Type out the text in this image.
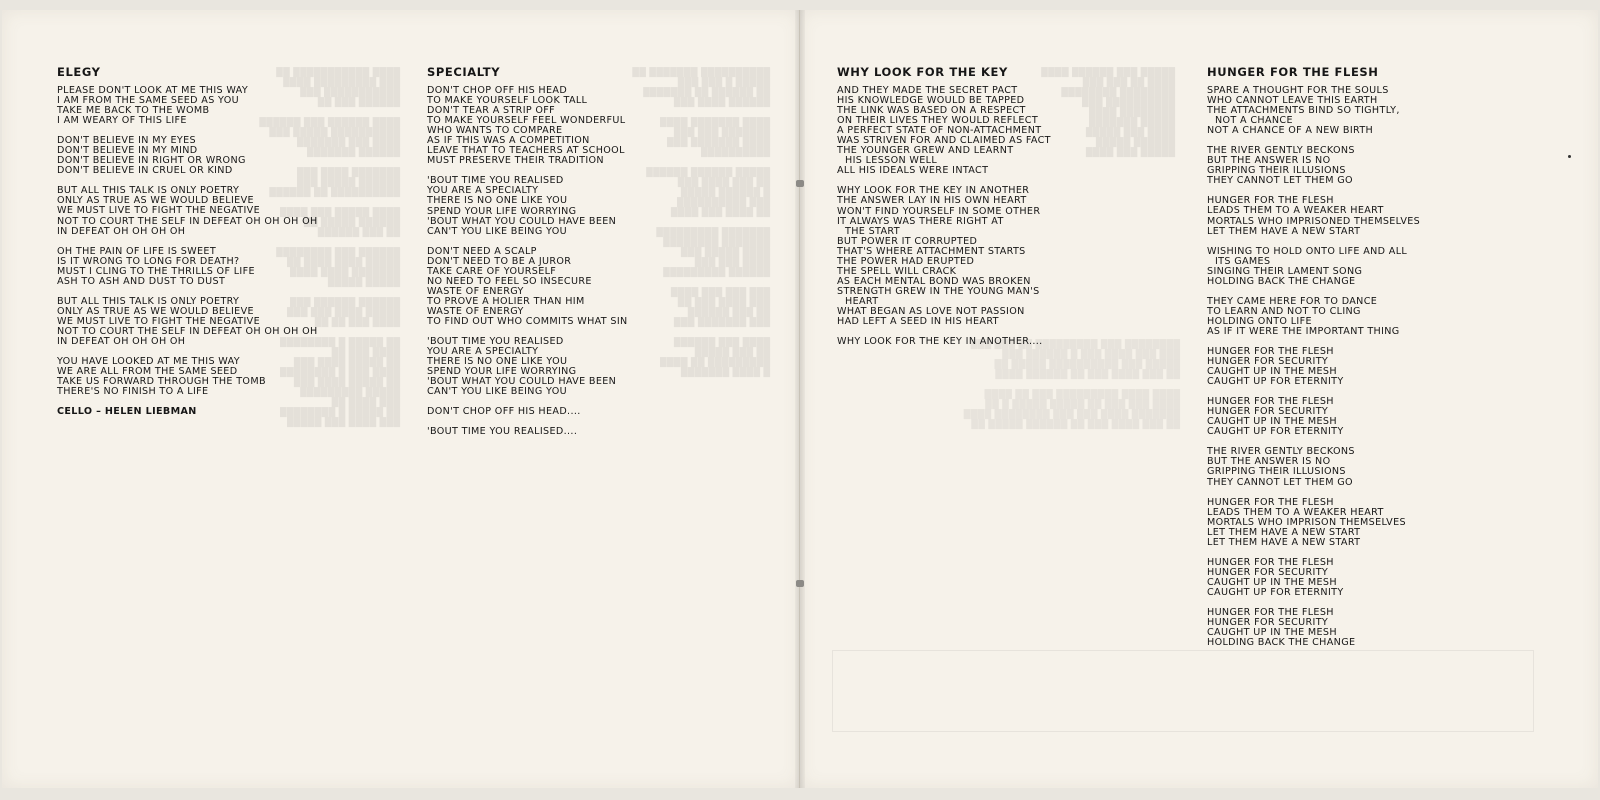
████ ███████████ ██
███ █████████ ████
███████████ ███
██████ ███ ██

████ ██████ ███ ██████
██████████ █████ ███
████ ███ ███████
██████ ███████

███████ ████ ███
██████ █████ ███
██████████ ██ ██████

████ █████ ███ ████
██████ █████ ██
██ ███ ██████

██████ ███ ████████
█████ ████ ████ ██
███████ ████ ████
█████ █████

██████ ██████ ███
█████ ████ ███ ███
████ ███ ██ ██

██ █████ █ ████████
████ ███ ██
██ █████ ████ ███
████ ███ █ ████████
██ █████ ████ ███
█████ █████████
███ ████ ██
██ █████ █ ████████
███ ████ ███ █████
██████████ ███████ ██
█████ █ ███ ███
██ ██████ ██ ███████
██████ ████ ███

████ ███████ ████
███████ ███ ███
████ ███████ ███
██████████

█████ ██████ ██████
██ ███ ████ ███
█ ██████ █████
███ ██████████
██ ████ ███ ████

███████ █████████
███████ ████████
████ █████ ███
████ ███ ███
██████ █████████

███ ███ ███ ████
███ ████ ███ ██
██ ███ ██████
███ ███████ ███

████ ███ ██████
██ ███ █████
█████████ ██ ████
█ ████ ███████
█████ ███ ██████ ████
████ ██ ███ ███
████████ ████████
██████████ ███
████████ ████
█████ ███████
████ ███ █████
██████ █████
█████ ███ ████
████████ ███ █████████ ██ ███ ███
███ ███ ████ ███ █ ██████ ███
█████ ███ ██████████ █████ ██
██ ███ ████ ███ ██ ██████ ████

████ ████ █████████ ███ ██ ████
████ ███ ███ ██ █████ █████ █ ██
███████ ████ ███ ███ ████████ ████
██ ███ ████ ███ ██ ██████ █████ ██
ELEGY
PLEASE DON'T LOOK AT ME THIS WAY
I AM FROM THE SAME SEED AS YOU
TAKE ME BACK TO THE WOMB
I AM WEARY OF THIS LIFE
DON'T BELIEVE IN MY EYES
DON'T BELIEVE IN MY MIND
DON'T BELIEVE IN RIGHT OR WRONG
DON'T BELIEVE IN CRUEL OR KIND
BUT ALL THIS TALK IS ONLY POETRY
ONLY AS TRUE AS WE WOULD BELIEVE
WE MUST LIVE TO FIGHT THE NEGATIVE
NOT TO COURT THE SELF IN DEFEAT OH OH OH OH
IN DEFEAT OH OH OH OH
OH THE PAIN OF LIFE IS SWEET
IS IT WRONG TO LONG FOR DEATH?
MUST I CLING TO THE THRILLS OF LIFE
ASH TO ASH AND DUST TO DUST
BUT ALL THIS TALK IS ONLY POETRY
ONLY AS TRUE AS WE WOULD BELIEVE
WE MUST LIVE TO FIGHT THE NEGATIVE
NOT TO COURT THE SELF IN DEFEAT OH OH OH OH
IN DEFEAT OH OH OH OH
YOU HAVE LOOKED AT ME THIS WAY
WE ARE ALL FROM THE SAME SEED
TAKE US FORWARD THROUGH THE TOMB
THERE'S NO FINISH TO A LIFE
CELLO – HELEN LIEBMAN
SPECIALTY
DON'T CHOP OFF HIS HEAD
TO MAKE YOURSELF LOOK TALL
DON'T TEAR A STRIP OFF
TO MAKE YOURSELF FEEL WONDERFUL
WHO WANTS TO COMPARE
AS IF THIS WAS A COMPETITION
LEAVE THAT TO TEACHERS AT SCHOOL
MUST PRESERVE THEIR TRADITION
'BOUT TIME YOU REALISED
YOU ARE A SPECIALTY
THERE IS NO ONE LIKE YOU
SPEND YOUR LIFE WORRYING
'BOUT WHAT YOU COULD HAVE BEEN
CAN'T YOU LIKE BEING YOU
DON'T NEED A SCALP
DON'T NEED TO BE A JUROR
TAKE CARE OF YOURSELF
NO NEED TO FEEL SO INSECURE
WASTE OF ENERGY
TO PROVE A HOLIER THAN HIM
WASTE OF ENERGY
TO FIND OUT WHO COMMITS WHAT SIN
'BOUT TIME YOU REALISED
YOU ARE A SPECIALTY
THERE IS NO ONE LIKE YOU
SPEND YOUR LIFE WORRYING
'BOUT WHAT YOU COULD HAVE BEEN
CAN'T YOU LIKE BEING YOU
DON'T CHOP OFF HIS HEAD....
'BOUT TIME YOU REALISED....
WHY LOOK FOR THE KEY
AND THEY MADE THE SECRET PACT
HIS KNOWLEDGE WOULD BE TAPPED
THE LINK WAS BASED ON A RESPECT
ON THEIR LIVES THEY WOULD REFLECT
A PERFECT STATE OF NON-ATTACHMENT
WAS STRIVEN FOR AND CLAIMED AS FACT
THE YOUNGER GREW AND LEARNT
HIS LESSON WELL
ALL HIS IDEALS WERE INTACT
WHY LOOK FOR THE KEY IN ANOTHER
THE ANSWER LAY IN HIS OWN HEART
WON'T FIND YOURSELF IN SOME OTHER
IT ALWAYS WAS THERE RIGHT AT
THE START
BUT POWER IT CORRUPTED
THAT'S WHERE ATTACHMENT STARTS
THE POWER HAD ERUPTED
THE SPELL WILL CRACK
AS EACH MENTAL BOND WAS BROKEN
STRENGTH GREW IN THE YOUNG MAN'S
HEART
WHAT BEGAN AS LOVE NOT PASSION
HAD LEFT A SEED IN HIS HEART
WHY LOOK FOR THE KEY IN ANOTHER....
HUNGER FOR THE FLESH
SPARE A THOUGHT FOR THE SOULS
WHO CANNOT LEAVE THIS EARTH
THE ATTACHMENTS BIND SO TIGHTLY,
NOT A CHANCE
NOT A CHANCE OF A NEW BIRTH
THE RIVER GENTLY BECKONS
BUT THE ANSWER IS NO
GRIPPING THEIR ILLUSIONS
THEY CANNOT LET THEM GO
HUNGER FOR THE FLESH
LEADS THEM TO A WEAKER HEART
MORTALS WHO IMPRISONED THEMSELVES
LET THEM HAVE A NEW START
WISHING TO HOLD ONTO LIFE AND ALL
ITS GAMES
SINGING THEIR LAMENT SONG
HOLDING BACK THE CHANGE
THEY CAME HERE FOR TO DANCE
TO LEARN AND NOT TO CLING
HOLDING ONTO LIFE
AS IF IT WERE THE IMPORTANT THING
HUNGER FOR THE FLESH
HUNGER FOR SECURITY
CAUGHT UP IN THE MESH
CAUGHT UP FOR ETERNITY
HUNGER FOR THE FLESH
HUNGER FOR SECURITY
CAUGHT UP IN THE MESH
CAUGHT UP FOR ETERNITY
THE RIVER GENTLY BECKONS
BUT THE ANSWER IS NO
GRIPPING THEIR ILLUSIONS
THEY CANNOT LET THEM GO
HUNGER FOR THE FLESH
LEADS THEM TO A WEAKER HEART
MORTALS WHO IMPRISON THEMSELVES
LET THEM HAVE A NEW START
LET THEM HAVE A NEW START
HUNGER FOR THE FLESH
HUNGER FOR SECURITY
CAUGHT UP IN THE MESH
CAUGHT UP FOR ETERNITY
HUNGER FOR THE FLESH
HUNGER FOR SECURITY
CAUGHT UP IN THE MESH
HOLDING BACK THE CHANGE
